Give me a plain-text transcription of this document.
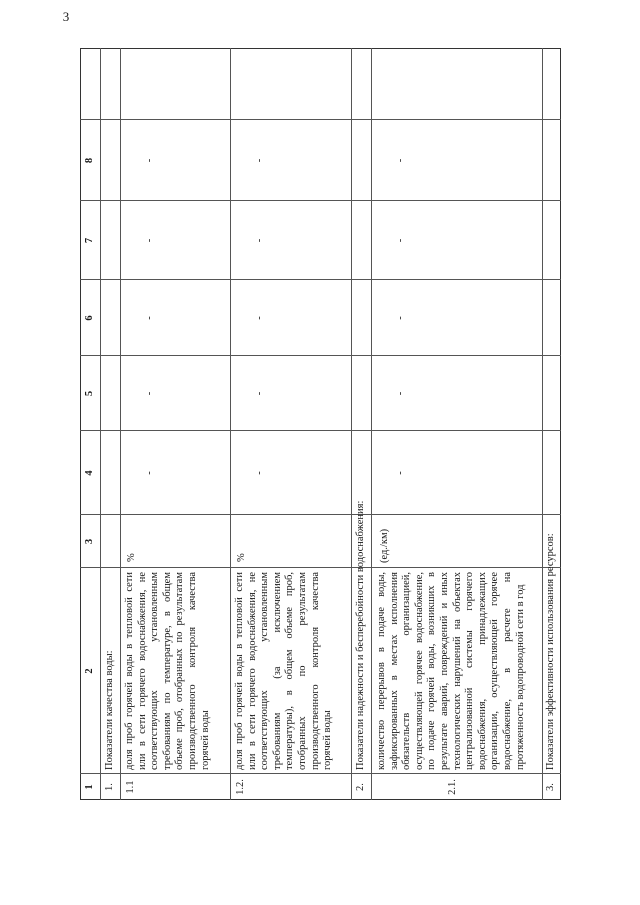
3
1
2
3
4
5
6
7
8
1.
Показатели качества воды:
1.1
доля проб горячей воды в тепловой сети или в сети горячего водоснабжения, не соответствующих установленным требованиям по температуре, в общем объеме проб, отобранных по результатам производственного контроля качества горячей воды
%
-
-
-
-
-
1.2.
доля проб горячей воды в тепловой сети или в сети горячего водоснабжения, не соответствующих установленным требованиям (за исключением температуры), в общем объеме проб, отобранных по результатам производственного контроля качества горячей воды
%
-
-
-
-
-
2.
Показатели надежности и бесперебойности водоснабжения:
2.1.
количество перерывов в подаче воды, зафиксированных в местах исполнения обязательств организацией, осуществляющей горячее водоснабжение, по подаче горячей воды, возникших в результате аварий, повреждений и иных технологических нарушений на объектах централизованной системы горячего водоснабжения, принадлежащих организации, осуществляющей горячее водоснабжение, в расчете на протяженность водопроводной сети в год
(ед./км)
-
-
-
-
-
3.
Показатели эффективности использования ресурсов:
